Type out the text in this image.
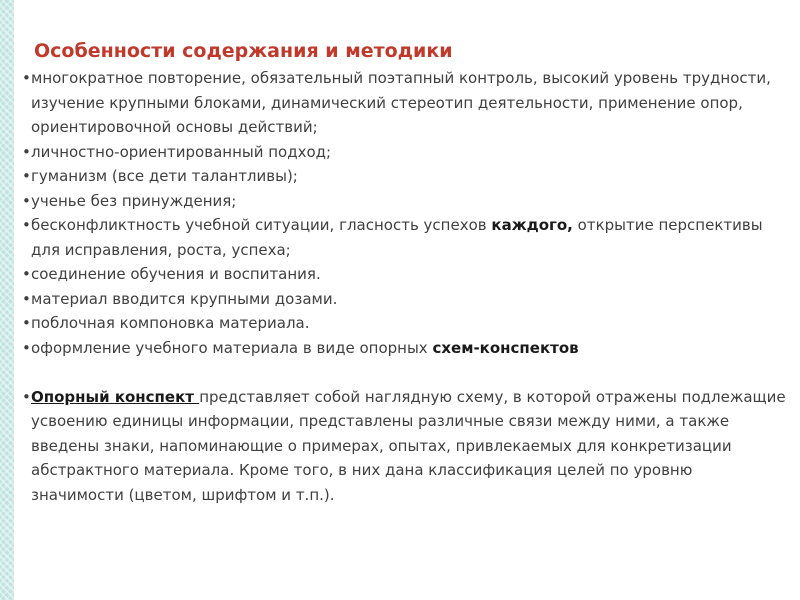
Особенности содержания и методики
• многократное повторение, обязательный поэтапный контроль, высокий уровень трудности, изучение крупными блоками, динамический стереотип деятельности, применение опор, ориентировочной основы действий;
• личностно-ориентированный подход;
• гуманизм (все дети талантливы);
• ученье без принуждения;
• бесконфликтность учебной ситуации, гласность успехов каждого, открытие перспективы для исправления, роста, успеха;
• соединение обучения и воспитания.
• материал вводится крупными дозами.
• поблочная компоновка материала.
• оформление учебного материала в виде опорных схем-конспектов
• Опорный конспект представляет собой наглядную схему, в которой отражены подлежащие усвоению единицы информации, представлены различные связи между ними, а также введены знаки, напоминающие о примерах, опытах, привлекаемых для конкретизации абстрактного материала. Кроме того, в них дана классификация целей по уровню значимости (цветом, шрифтом и т.п.).
